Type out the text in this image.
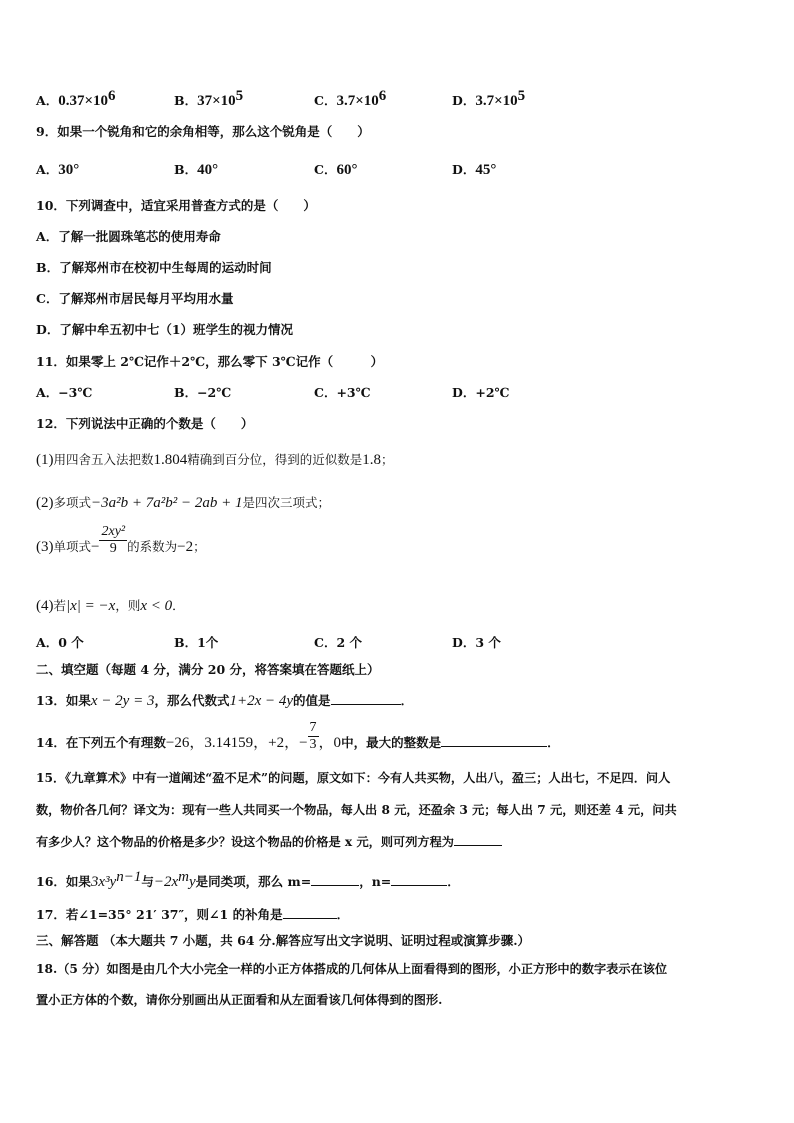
A．$0.37\times 10^6$	B．$37\times 10^5$	C．$3.7\times 10^6$	D．$3.7\times 10^5$
9．如果一个锐角和它的余角相等，那么这个锐角是（　　）
A．30°	B．40°	C．60°	D．45°
10．下列调查中，适宜采用普查方式的是（　　）
A．了解一批圆珠笔芯的使用寿命
B．了解郑州市在校初中生每周的运动时间
C．了解郑州市居民每月平均用水量
D．了解中牟五初中七（1）班学生的视力情况
11．如果零上 2℃记作＋2℃，那么零下 3℃记作（　　　）
A．−3℃	B．−2℃	C．+3℃	D．+2℃
12．下列说法中正确的个数是（　　）
(1)用四舍五入法把数1.804精确到百分位，得到的近似数是1.8；
(2)多项式−3a²b + 7a²b² − 2ab + 1是四次三项式；
(3)单项式− $\frac{\text{2xy²}}{9}$ 的系数为−2；
(4)若|x| = −x，则x < 0．
A．0 个	B．1个	C．2 个	D．3 个
二、填空题（每题 4 分，满分 20 分，将答案填在答题纸上）
13．如果x − 2y = 3，那么代数式1+2x − 4y的值是	．
14．在下列五个有理数−26，3.14159，+2，− $\frac{7}{3}$ ，0中，最大的整数是	．
15．《九章算术》中有一道阐述“盈不足术”的问题，原文如下：今有人共买物，人出八，盈三；人出七，不足四．问人
数，物价各几何？译文为：现有一些人共同买一个物品，每人出 8 元，还盈余 3 元；每人出 7 元，则还差 4 元，问共
有多少人？这个物品的价格是多少？设这个物品的价格是 x 元，则可列方程为
16．如果$3x^3y^{n-1}$与$-2x^my$是同类项，那么 m=	，n=	．
17．若∠1=35° 21′ 37″，则∠1 的补角是	．
三、解答题 （本大题共 7 小题，共 64 分.解答应写出文字说明、证明过程或演算步骤.）
18.（5 分）如图是由几个大小完全一样的小正方体搭成的几何体从上面看得到的图形，小正方形中的数字表示在该位
置小正方体的个数，请你分别画出从正面看和从左面看该几何体得到的图形.
